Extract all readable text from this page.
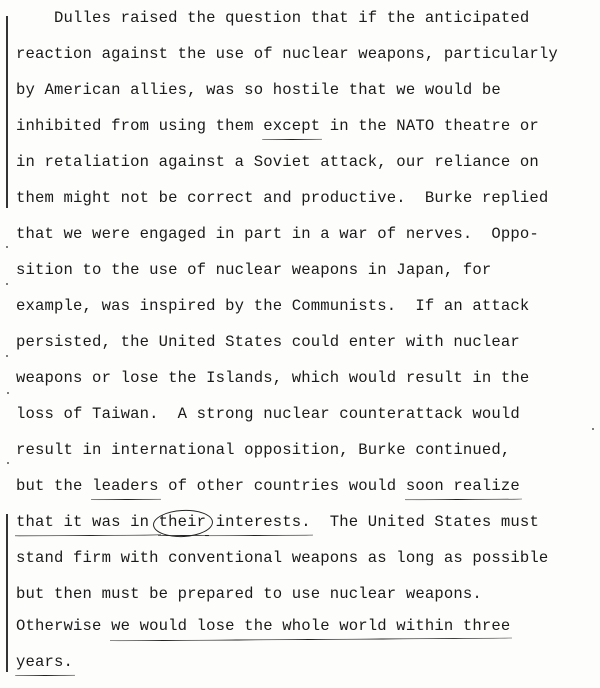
Dulles raised the question that if the anticipated
reaction against the use of nuclear weapons, particularly
by American allies, was so hostile that we would be
inhibited from using them except in the NATO theatre or
in retaliation against a Soviet attack, our reliance on
them might not be correct and productive.  Burke replied
that we were engaged in part in a war of nerves.  Oppo-
sition to the use of nuclear weapons in Japan, for
example, was inspired by the Communists.  If an attack
persisted, the United States could enter with nuclear
weapons or lose the Islands, which would result in the
loss of Taiwan.  A strong nuclear counterattack would
result in international opposition, Burke continued,
but the leaders of other countries would soon realize
that it was in their interests.  The United States must
stand firm with conventional weapons as long as possible
but then must be prepared to use nuclear weapons.
Otherwise we would lose the whole world within three
years.
